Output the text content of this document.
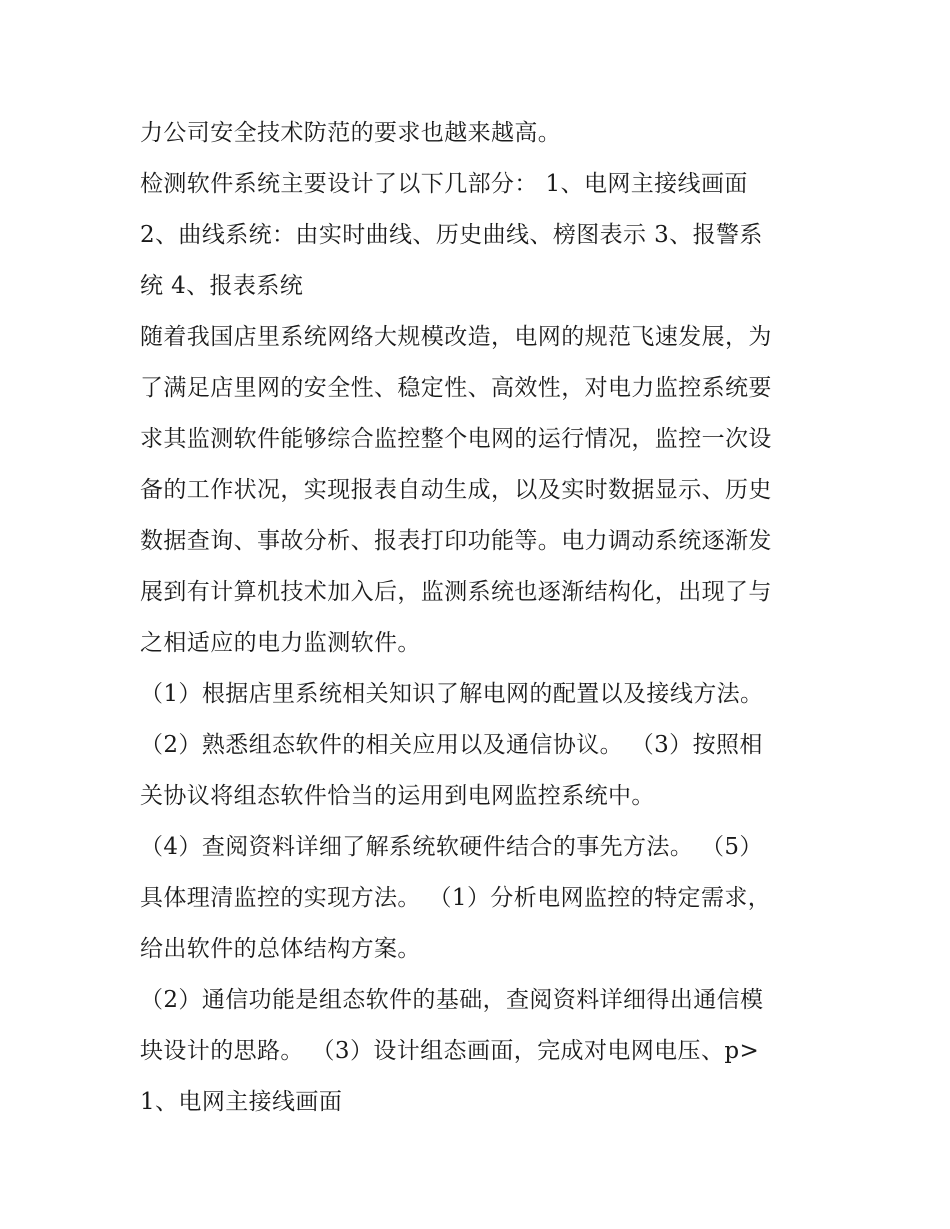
力公司安全技术防范的要求也越来越高。
检测软件系统主要设计了以下几部分： 1、电网主接线画面
2、曲线系统：由实时曲线、历史曲线、榜图表示 3、报警系
统 4、报表系统
随着我国店里系统网络大规模改造，电网的规范飞速发展，为
了满足店里网的安全性、稳定性、高效性，对电力监控系统要
求其监测软件能够综合监控整个电网的运行情况，监控一次设
备的工作状况，实现报表自动生成，以及实时数据显示、历史
数据查询、事故分析、报表打印功能等。电力调动系统逐渐发
展到有计算机技术加入后，监测系统也逐渐结构化，出现了与
之相适应的电力监测软件。
（1）根据店里系统相关知识了解电网的配置以及接线方法。
（2）熟悉组态软件的相关应用以及通信协议。 （3）按照相
关协议将组态软件恰当的运用到电网监控系统中。
（4）查阅资料详细了解系统软硬件结合的事先方法。 （5）
具体理清监控的实现方法。 （1）分析电网监控的特定需求，
给出软件的总体结构方案。
（2）通信功能是组态软件的基础，查阅资料详细得出通信模
块设计的思路。 （3）设计组态画面，完成对电网电压、p>
1、电网主接线画面
